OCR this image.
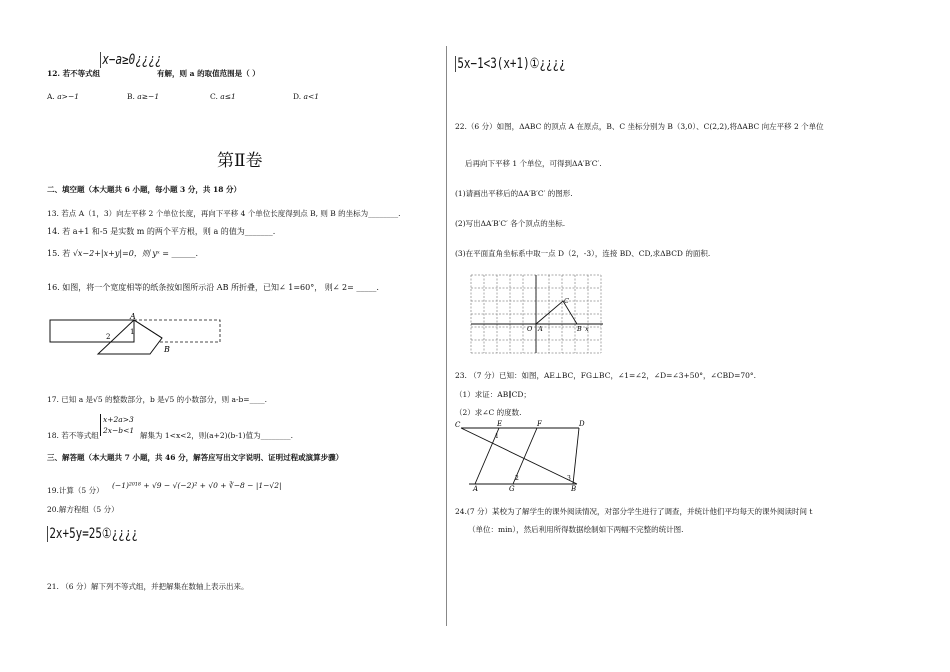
12. 若不等式组
x−a≥0¿¿¿¿
有解，则 a 的取值范围是（ ）
A. a>−1	B. a≥−1	C. a≤1	D. a<1
第Ⅱ卷
二、填空题（本大题共 6 小题，每小题 3 分，共 18 分）
13. 若点 A（1，3）向左平移 2 个单位长度，再向下平移 4 个单位长度得到点 B, 则 B 的坐标为________.
14. 若 a+1 和-5 是实数 m 的两个平方根，则 a 的值为_______.
15. 若 √x−2+|x+y|=0，则 yˣ = ______.
16. 如图，将一个宽度相等的纸条按如图所示沿 AB 所折叠，已知∠ 1=60°， 则∠ 2= _____.
A
1
2
B
17. 已知 a 是√5 的整数部分，b 是√5 的小数部分，则 a-b=____.
18. 若不等式组
x+2a>3
2x−b<1
解集为 1<x<2，则(a+2)(b-1)值为________.
三、解答题（本大题共 7 小题，共 46 分，解答应写出文字说明、证明过程或演算步骤）
19.计算（5 分）
(−1)²⁰¹⁸ + √9 − √(−2)² + √0 + ∛−8 − |1−√2|
20.解方程组（5 分）
2x+5y=25①¿¿¿¿
21. （6 分）解下列不等式组，并把解集在数轴上表示出来。
5x−1<3(x+1)①¿¿¿¿
22.（6 分）如图，ΔABC 的顶点 A 在原点，B、C 坐标分别为 B（3,0）、C(2,2),将ΔABC 向左平移 2 个单位
后再向下平移 1 个单位，可得到ΔA′B′C′.
(1)请画出平移后的ΔA′B′C′ 的图形.
(2)写出ΔA′B′C′ 各个顶点的坐标.
(3)在平面直角坐标系中取一点 D（2，-3），连接 BD、CD,求ΔBCD 的面积.
O A
C
B x
23. （7 分）已知：如图，AE⊥BC，FG⊥BC，∠1=∠2，∠D=∠3+50°，∠CBD=70°.
（1）求证：AB∥CD；
（2）求∠C 的度数.
C	E	F	D
1
2	3
A	G	B
24.(7 分）某校为了解学生的课外阅读情况，对部分学生进行了调查，并统计他们平均每天的课外阅读时间 t
（单位：min），然后利用所得数据绘制如下两幅不完整的统计图.
